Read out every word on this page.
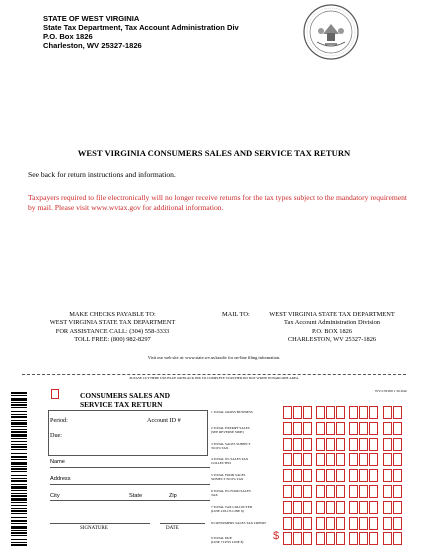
STATE OF WEST VIRGINIA
State Tax Department, Tax Account Administration Div
P.O. Box 1826
Charleston, WV 25327-1826
WEST VIRGINIA CONSUMERS SALES AND SERVICE TAX RETURN
See back for return instructions and information.
Taxpayers required to file electronically will no longer receive returns for the tax types subject to the mandatory requirement by mail. Please visit www.wvtax.gov for additional information.
MAKE CHECKS PAYABLE TO:
WEST VIRGINIA STATE TAX DEPARTMENT
FOR ASSISTANCE CALL: (304) 558-3333
TOLL FREE: (800) 982-8297
MAIL TO:	WEST VIRGINIA STATE TAX DEPARTMENT
Tax Account Administration Division
P.O. BOX 1826
CHARLESTON, WV 25327-1826
Visit our web site at: www.state.wv.us/taxdiv for on-line filing information.
PLEASE CUT HERE USE BLUE OR BLACK INK TO COMPLETE VOUCHER DO NOT WRITE IN BARCODE AREA
WV/CST200 v 30-Web
CONSUMERS SALES AND
SERVICE TAX RETURN
Period:	Account ID #
Due:
Name
Address
City	State	Zip
SIGNATURE	DATE
1 TOTAL GROSS BUSINESS
2 TOTAL EXEMPT SALES
(SEE REVERSE SIDE)
3 TOTAL SALES SUBJECT
TO 6% TAX
4 TOTAL 6% SALES TAX
COLLECTED
5 TOTAL FOOD SALES
SUBJECT TO 6% TAX
6 TOTAL 6% FOOD SALES
TAX
7 TOTAL TAX COLLECTED
(LINE 4 PLUS LINE 6)
8 CONSUMERS SALES TAX CREDIT
9 TOTAL DUE
(LINE 7 LESS LINE 8)
$
